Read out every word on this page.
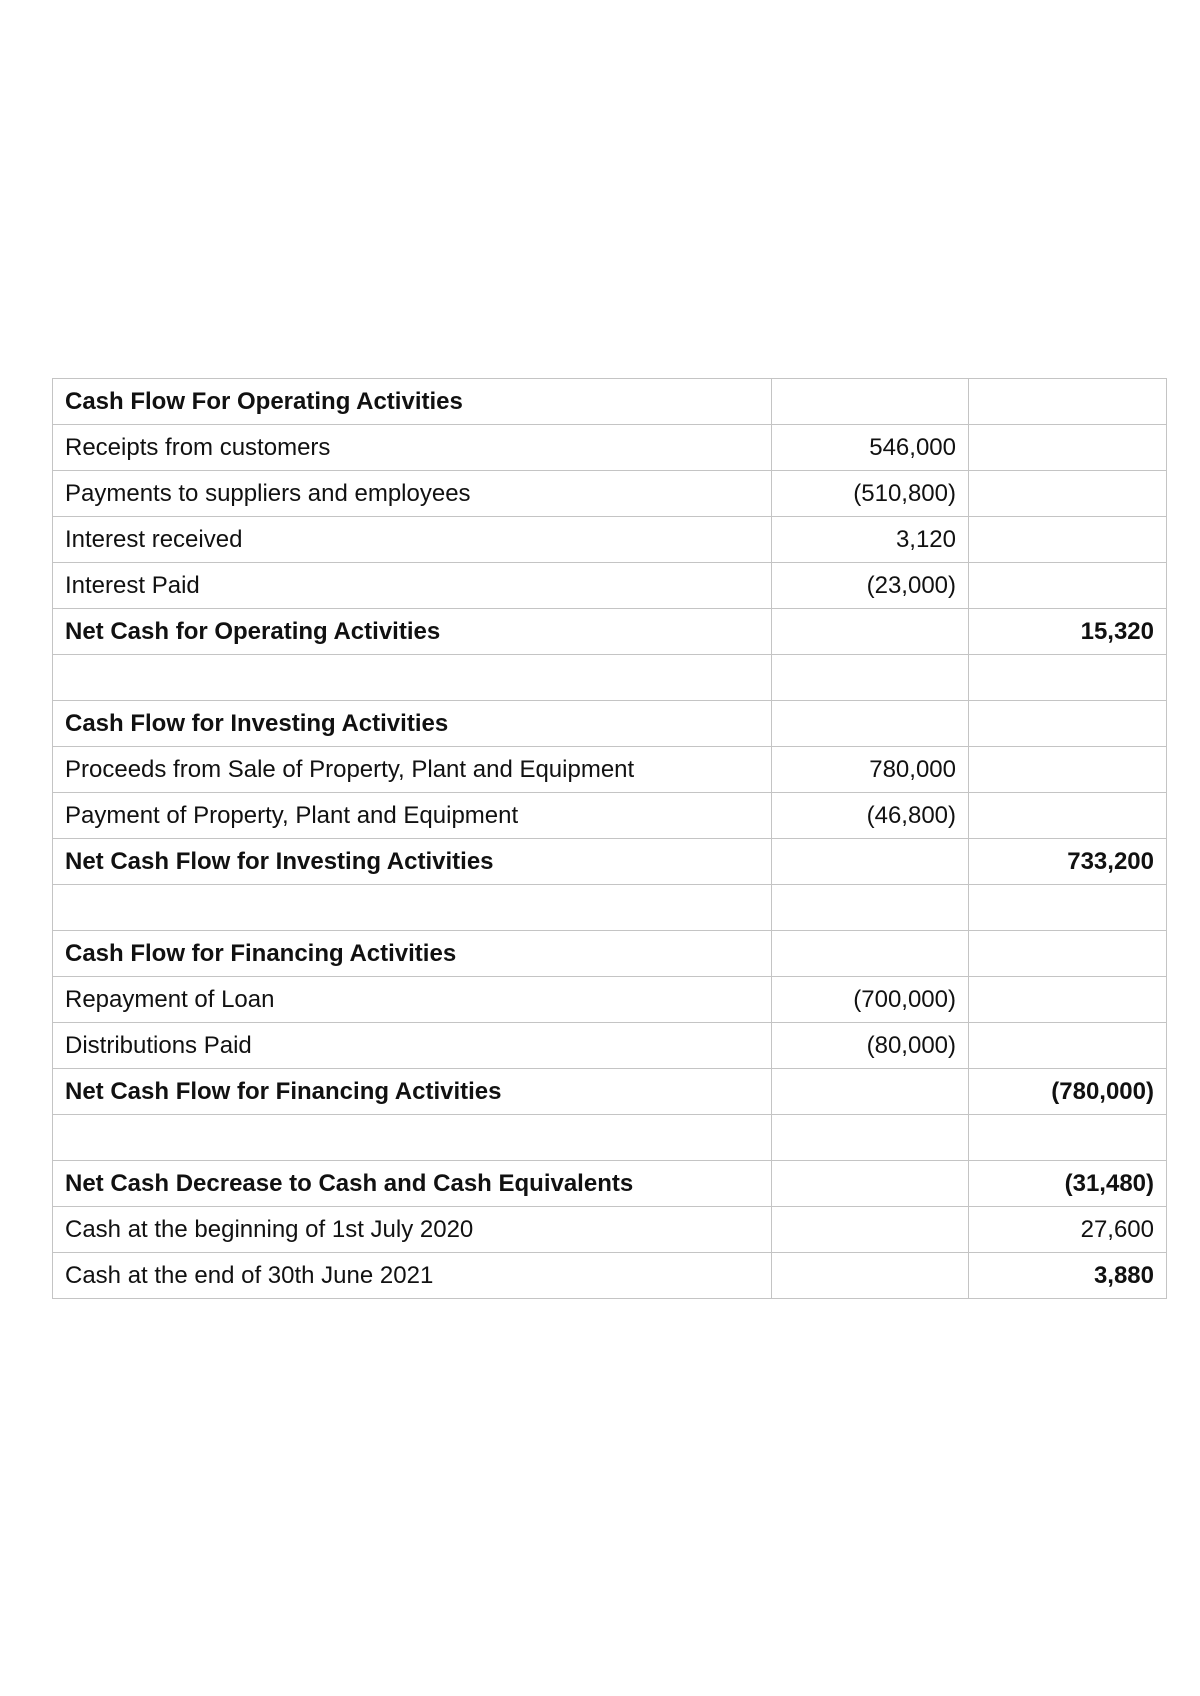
Cash Flow For Operating Activities		
Receipts from customers	546,000	
Payments to suppliers and employees	(510,800)	
Interest received	3,120	
Interest Paid	(23,000)	
Net Cash for Operating Activities		15,320

Cash Flow for Investing Activities		
Proceeds from Sale of Property, Plant and Equipment	780,000	
Payment of Property, Plant and Equipment	(46,800)	
Net Cash Flow for Investing Activities		733,200

Cash Flow for Financing Activities		
Repayment of Loan	(700,000)	
Distributions Paid	(80,000)	
Net Cash Flow for Financing Activities		(780,000)

Net Cash Decrease to Cash and Cash Equivalents		(31,480)
Cash at the beginning of 1st July 2020		27,600
Cash at the end of 30th June 2021		3,880
